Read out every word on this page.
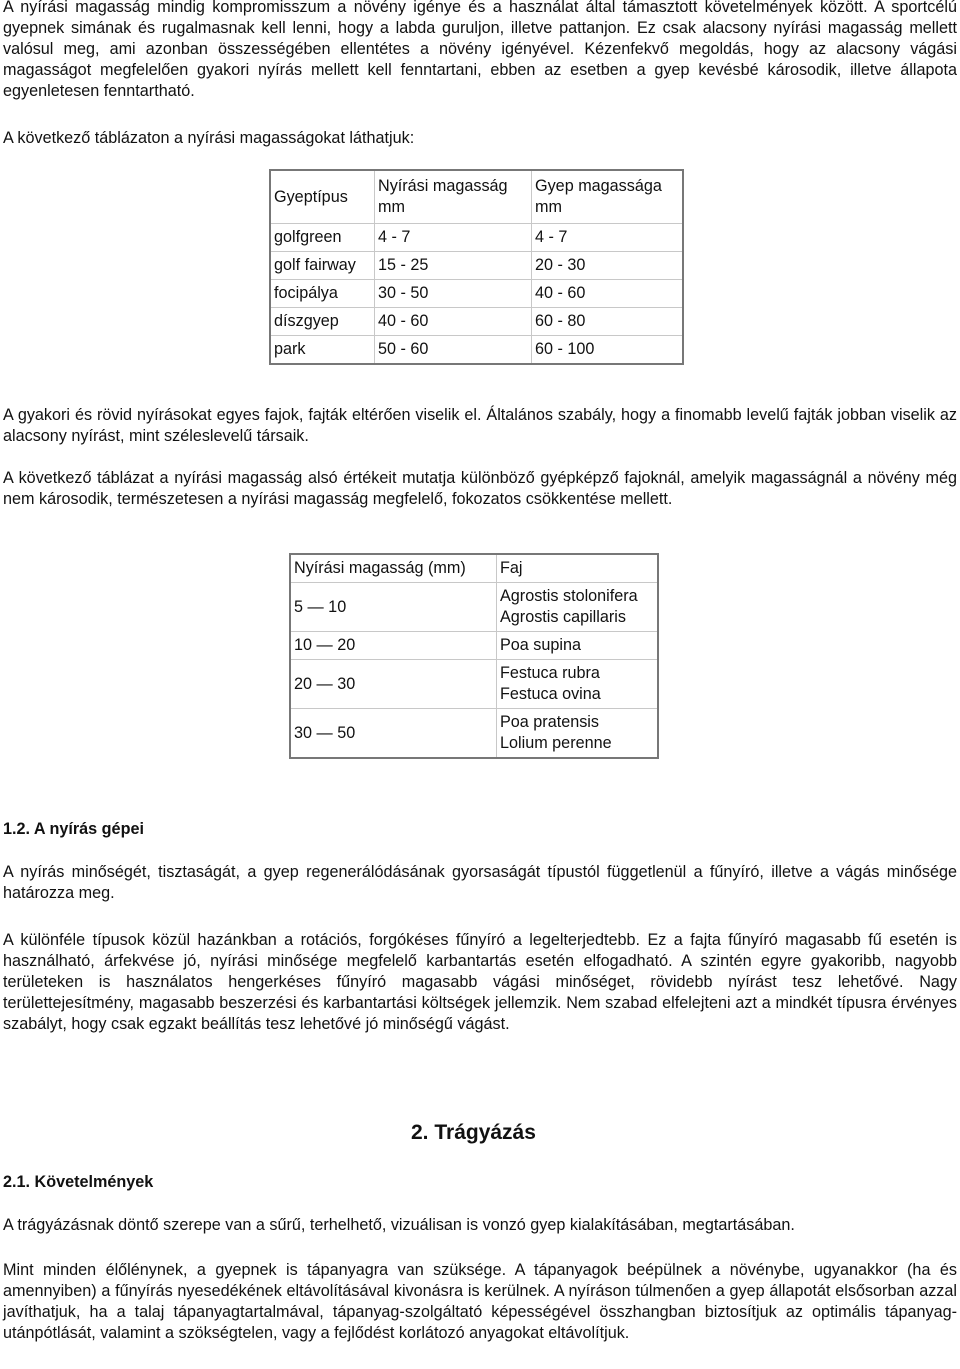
A nyírási magasság mindig kompromisszum a növény igénye és a használat által támasztott követelmények között. A sportcélú gyepnek simának és rugalmasnak kell lenni, hogy a labda guruljon, illetve pattanjon. Ez csak alacsony nyírási magasság mellett valósul meg, ami azonban összességében ellentétes a növény igényével. Kézenfekvő megoldás, hogy az alacsony vágási magasságot megfelelően gyakori nyírás mellett kell fenntartani, ebben az esetben a gyep kevésbé károsodik, illetve állapota egyenletesen fenntartható.

A következő táblázaton a nyírási magasságokat láthatjuk:

Gyeptípus	Nyírási magasság mm	Gyep magassága mm
golfgreen	4 - 7	4 - 7
golf fairway	15 - 25	20 - 30
focipálya	30 - 50	40 - 60
díszgyep	40 - 60	60 - 80
park	50 - 60	60 - 100

A gyakori és rövid nyírásokat egyes fajok, fajták eltérően viselik el. Általános szabály, hogy a finomabb levelű fajták jobban viselik az alacsony nyírást, mint széleslevelű társaik.

A következő táblázat a nyírási magasság alsó értékeit mutatja különböző gyépképző fajoknál, amelyik magasságnál a növény még nem károsodik, természetesen a nyírási magasság megfelelő, fokozatos csökkentése mellett.

Nyírási magasság (mm)	Faj
5 — 10	Agrostis stolonifera
Agrostis capillaris
10 — 20	Poa supina
20 — 30	Festuca rubra
Festuca ovina
30 — 50	Poa pratensis
Lolium perenne
1.2. A nyírás gépei

A nyírás minőségét, tisztaságát, a gyep regenerálódásának gyorsaságát típustól függetlenül a fűnyíró, illetve a vágás minősége határozza meg.

A különféle típusok közül hazánkban a rotációs, forgókéses fűnyíró a legelterjedtebb. Ez a fajta fűnyíró magasabb fű esetén is használható, árfekvése jó, nyírási minősége megfelelő karbantartás esetén elfogadható. A szintén egyre gyakoribb, nagyobb területeken is használatos hengerkéses fűnyíró magasabb vágási minőséget, rövidebb nyírást tesz lehetővé. Nagy területtejesítmény, magasabb beszerzési és karbantartási költségek jellemzik. Nem szabad elfelejteni azt a mindkét típusra érvényes szabályt, hogy csak egzakt beállítás tesz lehetővé jó minőségű vágást.

2. Trágyázás
2.1. Követelmények

A trágyázásnak döntő szerepe van a sűrű, terhelhető, vizuálisan is vonzó gyep kialakításában, megtartásában.

Mint minden élőlénynek, a gyepnek is tápanyagra van szüksége. A tápanyagok beépülnek a növénybe, ugyanakkor (ha és amennyiben) a fűnyírás nyesedékének eltávolításával kivonásra is kerülnek. A nyíráson túlmenően a gyep állapotát elsősorban azzal javíthatjuk, ha a talaj tápanyagtartalmával, tápanyag-szolgáltató képességével összhangban biztosítjuk az optimális tápanyag-utánpótlását, valamint a szökségtelen, vagy a fejlődést korlátozó anyagokat eltávolítjuk.
